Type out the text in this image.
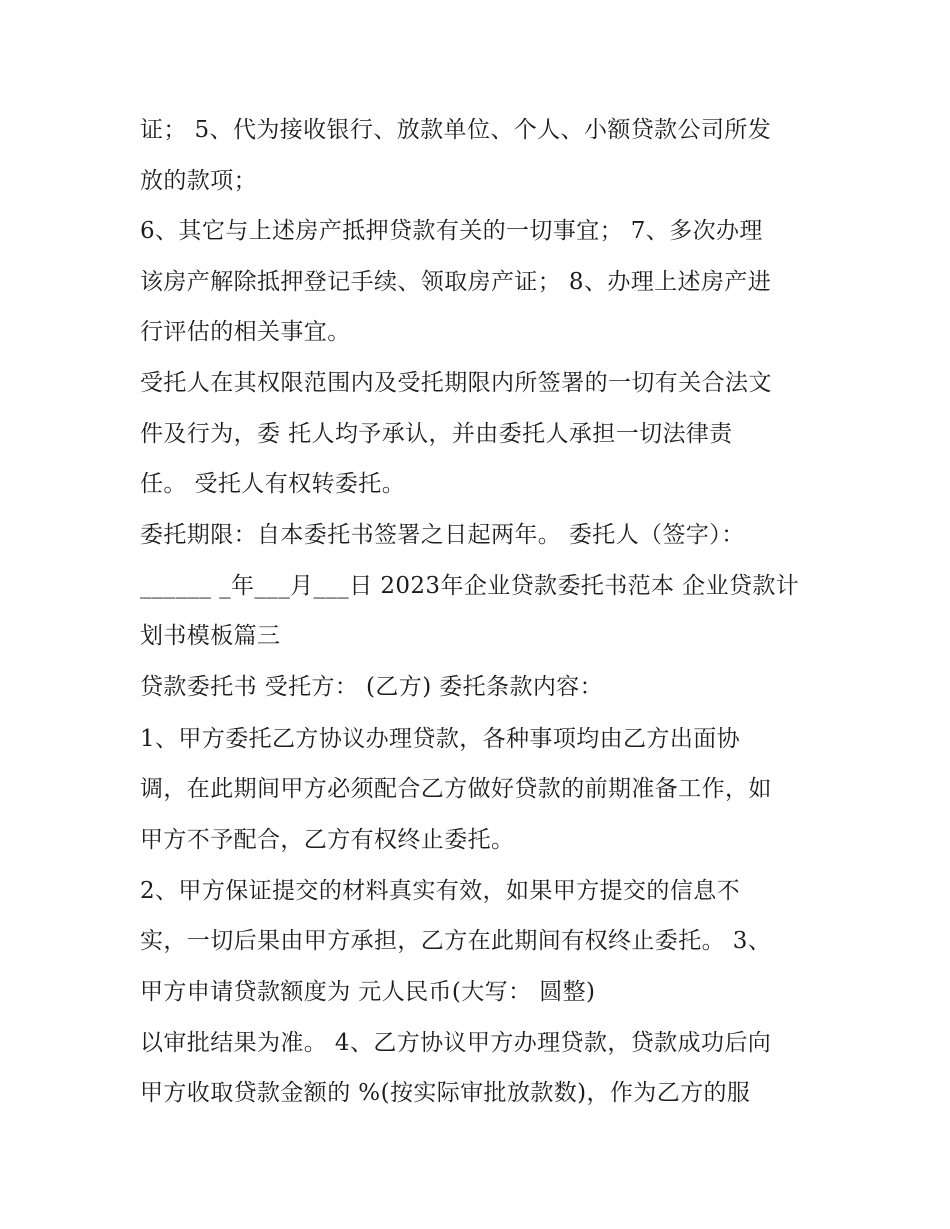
证； 5、代为接收银行、放款单位、个人、小额贷款公司所发
放的款项；
6、其它与上述房产抵押贷款有关的一切事宜； 7、多次办理
该房产解除抵押登记手续、领取房产证； 8、办理上述房产进
行评估的相关事宜。
受托人在其权限范围内及受托期限内所签署的一切有关合法文
件及行为，委 托人均予承认，并由委托人承担一切法律责
任。 受托人有权转委托。
委托期限：自本委托书签署之日起两年。 委托人（签字）：
______ _年___月___日 2023年企业贷款委托书范本 企业贷款计
划书模板篇三
贷款委托书 受托方： (乙方) 委托条款内容：
1、甲方委托乙方协议办理贷款，各种事项均由乙方出面协
调，在此期间甲方必须配合乙方做好贷款的前期准备工作，如
甲方不予配合，乙方有权终止委托。
2、甲方保证提交的材料真实有效，如果甲方提交的信息不
实，一切后果由甲方承担，乙方在此期间有权终止委托。 3、
甲方申请贷款额度为 元人民币(大写： 圆整)
以审批结果为准。 4、乙方协议甲方办理贷款，贷款成功后向
甲方收取贷款金额的 %(按实际审批放款数)，作为乙方的服
